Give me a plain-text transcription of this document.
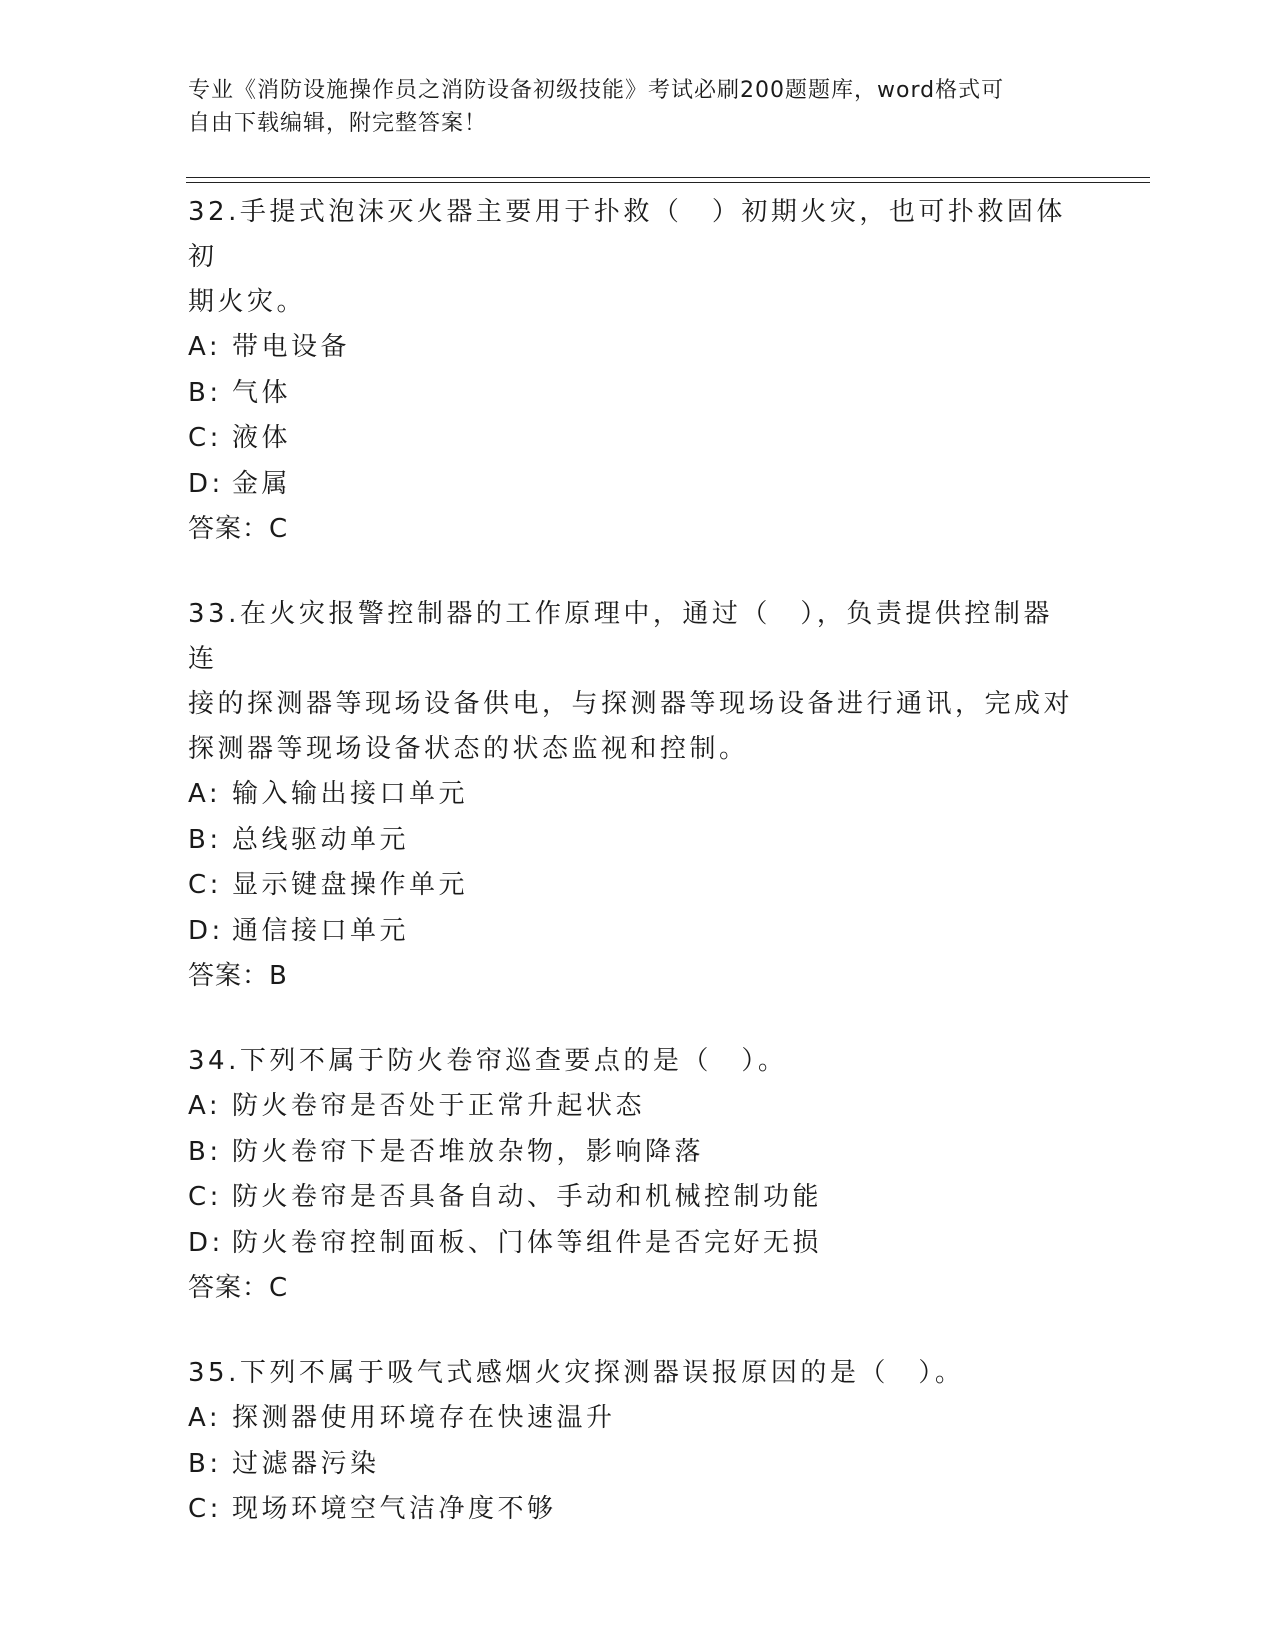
专业《消防设施操作员之消防设备初级技能》考试必刷200题题库，word格式可
自由下载编辑，附完整答案！

32.手提式泡沫灭火器主要用于扑救（　）初期火灾，也可扑救固体初

期火灾。

A: 带电设备

B: 气体

C: 液体

D: 金属

答案：C

33.在火灾报警控制器的工作原理中，通过（　），负责提供控制器连

接的探测器等现场设备供电，与探测器等现场设备进行通讯，完成对

探测器等现场设备状态的状态监视和控制。

A: 输入输出接口单元

B: 总线驱动单元

C: 显示键盘操作单元

D: 通信接口单元

答案：B

34.下列不属于防火卷帘巡查要点的是（　）。

A: 防火卷帘是否处于正常升起状态

B: 防火卷帘下是否堆放杂物，影响降落

C: 防火卷帘是否具备自动、手动和机械控制功能

D: 防火卷帘控制面板、门体等组件是否完好无损

答案：C

35.下列不属于吸气式感烟火灾探测器误报原因的是（　）。

A: 探测器使用环境存在快速温升

B: 过滤器污染

C: 现场环境空气洁净度不够
